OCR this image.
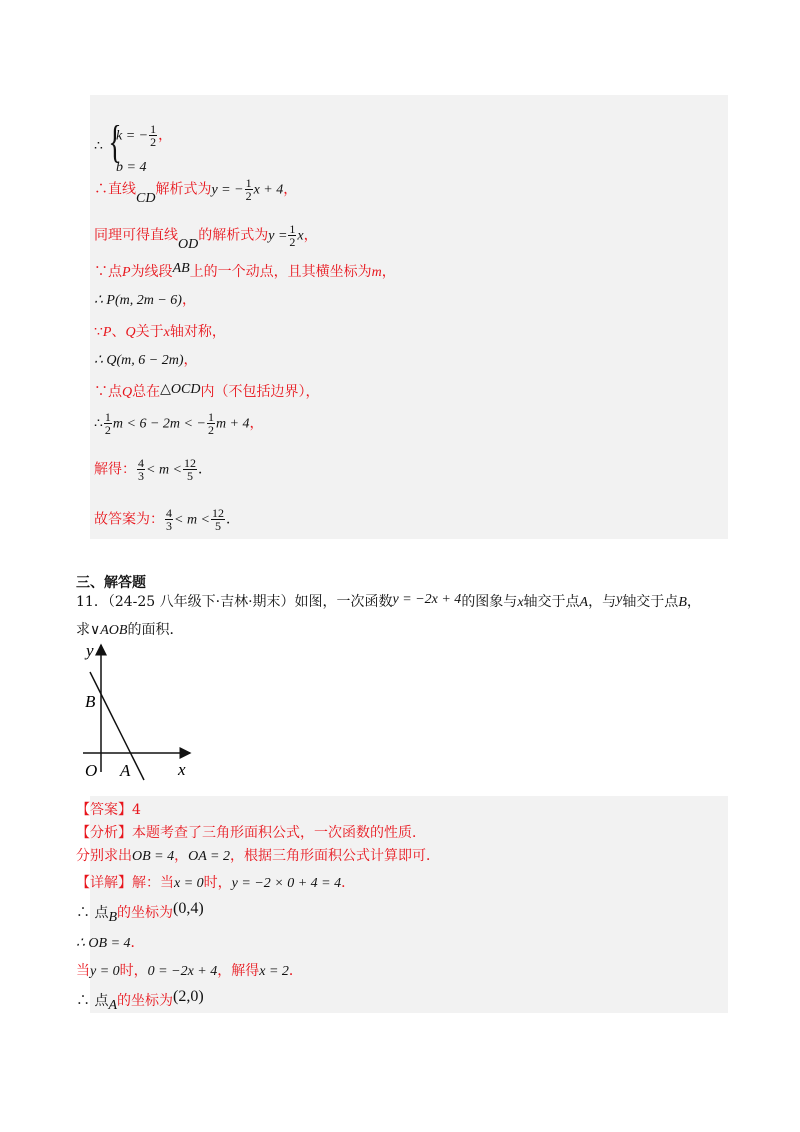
∴ {
k = − $\frac{1}{2}$ ，
b = 4
∴直线CD解析式为y = − $\frac{1}{2}$ x + 4，
同理可得直线OD的解析式为$y = \frac{1}{2}$ x，
∵点P为线段AB上的一个动点，且其横坐标为m，
∴ P(m, 2m − 6)，
∵P、Q关于x轴对称，
∴ Q(m, 6 − 2m)，
∵点Q总在△OCD内（不包括边界），
∴ $\frac{1}{2}$ m < 6 − 2m < − $\frac{1}{2}$ m + 4，
解得： $\frac{4}{3} < m < \frac{12}{5}$ ．
故答案为： $\frac{4}{3} < m < \frac{12}{5}$ ．
三、解答题
11．（24-25 八年级下·吉林·期末）如图，一次函数y = −2x + 4的图象与x轴交于点A，与y轴交于点B，
求∨AOB的面积．
y
x
O A
B
【答案】4
【分析】本题考查了三角形面积公式，一次函数的性质．
分别求出OB = 4，OA = 2，根据三角形面积公式计算即可．
【详解】解：当x = 0时，y = −2 × 0 + 4 = 4．
∴ 点B的坐标为(0,4)
∴ OB = 4．
当y = 0时，0 = −2x + 4，解得x = 2．
∴ 点A的坐标为(2,0)
